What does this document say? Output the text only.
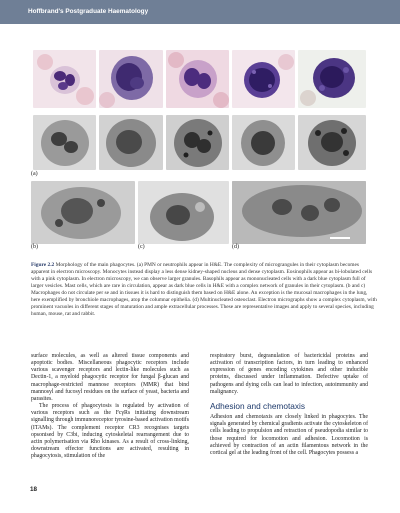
Hoffbrand's Postgraduate Haematology
(a)
(b)	(c)	(d)
Figure 2.2 Morphology of the main phagocytes. (a) PMN or neutrophils appear in H&E. The complexity of micrograngules in their cytoplasm becomes apparent in electron microscopy. Monocytes instead display a less dense kidney-shaped nucleus and dense cytoplasm. Eosinophils appear as bi-lobulated cells with a pink cytoplasm. In electron microscopy, we can observe larger granules. Basophils appear as mononucleated cells with a dark blue cytoplasm full of larger vesicles. Mast cells, which are rare in circulation, appear as dark blue cells in H&E with a complex network of granules in their cytoplasm. (b and c) Macrophages do not circulate per se and in tissues it is hard to distinguish them based on H&E alone. An exception is the mucosal macrophages in the lung, here exemplified by bronchiole macrophages, atop the columnar epithelia. (d) Multinucleated osteoclast. Electron micrographs show a complex cytoplasm, with prominent vacuoles in different stages of maturation and ample extracellular processes. These are representative images and apply to several species, including human, mouse, rat and rabbit.

surface molecules, as well as altered tissue components and apoptotic bodies. Miscellaneous phagocytic receptors include various scavenger receptors and lectin-like molecules such as Dectin-1, a myeloid phagocytic receptor for fungal β-glucan and macrophage-restricted mannose receptors (MMR) that bind mannosyl and fucosyl residues on the surface of yeast, bacteria and parasites.

The process of phagocytosis is regulated by activation of various receptors such as the FcγRs initiating downstream signalling through immunoreceptor tyrosine-based activation motifs (ITAMs). The complement receptor CR3 recognises targets opsonised by C3bi, inducing cytoskeletal rearrangement due to actin polymerisation via Rho kinases. As a result of cross-linking, downstream effector functions are activated, resulting in phagocytosis, stimulation of the

respiratory burst, degranulation of bactericidal proteins and activation of transcription factors, in turn leading to enhanced expression of genes encoding cytokines and other inducible proteins, discussed under inflammation. Defective uptake of pathogens and dying cells can lead to infection, autoimmunity and malignancy.

Adhesion and chemotaxis

Adhesion and chemotaxis are closely linked in phagocytes. The signals generated by chemical gradients activate the cytoskeleton of cells leading to propulsion and retraction of pseudopodia similar to those required for locomotion and adhesion. Locomotion is achieved by contraction of an actin filamentous network in the cortical gel at the leading front of the cell. Phagocytes possess a

18
